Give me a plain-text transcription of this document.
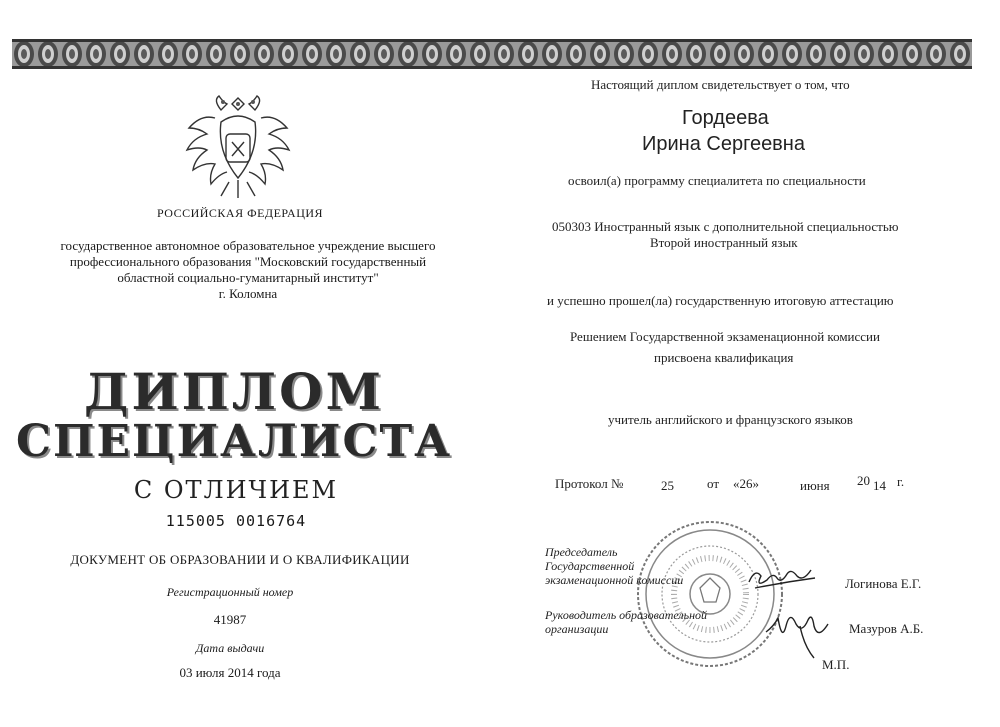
РОССИЙСКАЯ ФЕДЕРАЦИЯ
государственное автономное образовательное учреждение высшего
профессионального образования "Московский государственный
областной социально-гуманитарный институт"
г. Коломна
ДИПЛОМ
СПЕЦИАЛИСТА
С ОТЛИЧИЕМ
115005 0016764
ДОКУМЕНТ ОБ ОБРАЗОВАНИИ И О КВАЛИФИКАЦИИ
Регистрационный номер
41987
Дата выдачи
03 июля 2014 года
Настоящий диплом свидетельствует о том, что
Гордеева
Ирина Сергеевна
освоил(а) программу специалитета по специальности
050303 Иностранный язык с дополнительной специальностью
Второй иностранный язык
и успешно прошел(ла) государственную итоговую аттестацию
Решением Государственной экзаменационной комиссии
присвоена квалификация
учитель английского и французского языков
Протокол №	25	от «26»	июня 20 14 г.
Председатель
Государственной
экзаменационной комиссии	Логинова Е.Г.
Руководитель образовательной
организации	Мазуров А.Б.
М.П.
